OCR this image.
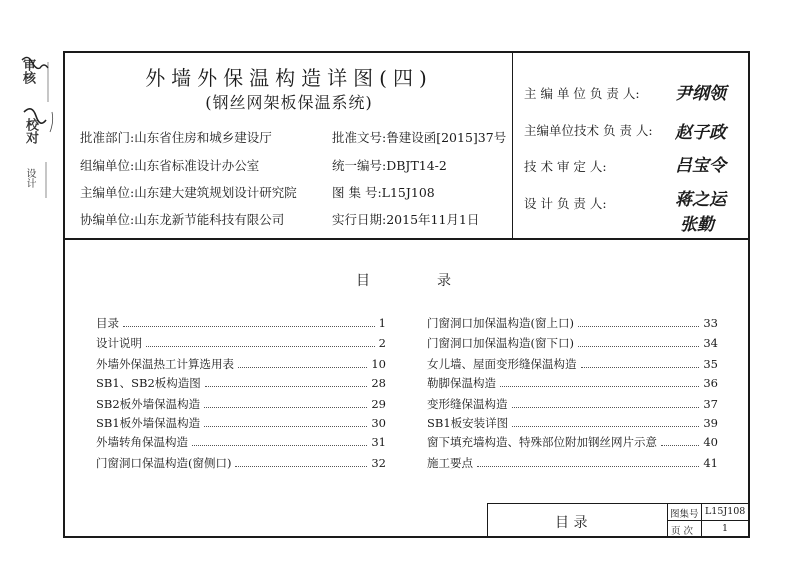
审核
校对
设计
外墙外保温构造详图(四)
(钢丝网架板保温系统)
批准部门:山东省住房和城乡建设厅
组编单位:山东省标准设计办公室
主编单位:山东建大建筑规划设计研究院
协编单位:山东龙新节能科技有限公司
批准文号:鲁建设函[2015]37号
统一编号:DBJT14-2
图 集 号:L15J108
实行日期:2015年11月1日
主 编 单 位 负 责 人: 尹纲领
主编单位技术 负 责 人: 赵子政
技 术 审 定 人:	吕宝令
设 计 负 责 人:	蒋之运
张勤
目	录
目录	1
设计说明	2
外墙外保温热工计算选用表	10
SB1、SB2板构造图	28
SB2板外墙保温构造	29
SB1板外墙保温构造	30
外墙转角保温构造	31
门窗洞口保温构造(窗侧口)	32
门窗洞口加保温构造(窗上口)	33
门窗洞口加保温构造(窗下口)	34
女儿墙、屋面变形缝保温构造	35
勒脚保温构造	36
变形缝保温构造	37
SB1板安装详图	39
窗下填充墙构造、特殊部位附加钢丝网片示意	40
施工要点	41
目 录
图集号 L15J108
页 次	1
